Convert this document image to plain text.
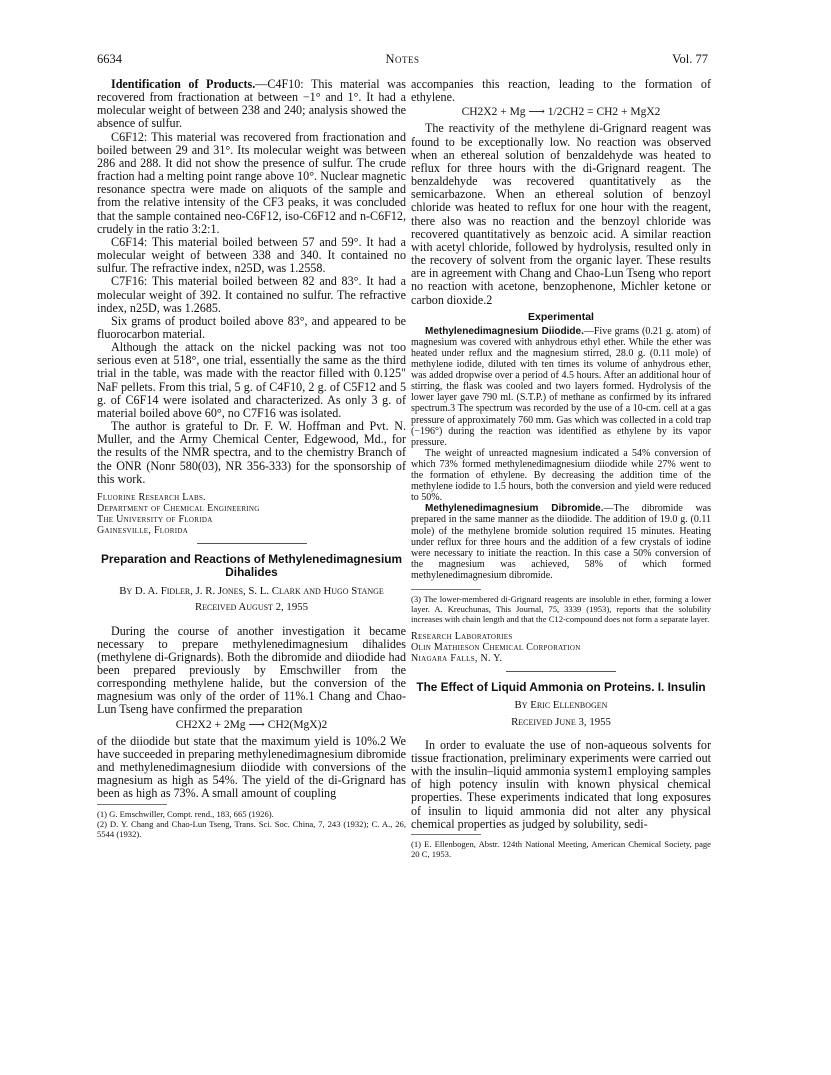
6634	Notes	Vol. 77

Identification of Products.—C4F10: This material was recovered from fractionation at between −1° and 1°. It had a molecular weight of between 238 and 240; analysis showed the absence of sulfur.

C6F12: This material was recovered from fractionation and boiled between 29 and 31°. Its molecular weight was between 286 and 288. It did not show the presence of sulfur. The crude fraction had a melting point range above 10°. Nuclear magnetic resonance spectra were made on aliquots of the sample and from the relative intensity of the CF3 peaks, it was concluded that the sample contained neo-C6F12, iso-C6F12 and n-C6F12, crudely in the ratio 3:2:1.

C6F14: This material boiled between 57 and 59°. It had a molecular weight of between 338 and 340. It contained no sulfur. The refractive index, n25D, was 1.2558.

C7F16: This material boiled between 82 and 83°. It had a molecular weight of 392. It contained no sulfur. The refractive index, n25D, was 1.2685.

Six grams of product boiled above 83°, and appeared to be fluorocarbon material.

Although the attack on the nickel packing was not too serious even at 518°, one trial, essentially the same as the third trial in the table, was made with the reactor filled with 0.125" NaF pellets. From this trial, 5 g. of C4F10, 2 g. of C5F12 and 5 g. of C6F14 were isolated and characterized. As only 3 g. of material boiled above 60°, no C7F16 was isolated.

The author is grateful to Dr. F. W. Hoffman and Pvt. N. Muller, and the Army Chemical Center, Edgewood, Md., for the results of the NMR spectra, and to the chemistry Branch of the ONR (Nonr 580(03), NR 356-333) for the sponsorship of this work.

Fluorine Research Labs.
Department of Chemical Engineering
The University of Florida
Gainesville, Florida
Preparation and Reactions of Methylenedimagnesium Dihalides
By D. A. Fidler, J. R. Jones, S. L. Clark and Hugo Stange
Received August 2, 1955

During the course of another investigation it became necessary to prepare methylenedimagnesium dihalides (methylene di-Grignards). Both the dibromide and diiodide had been prepared previously by Emschwiller from the corresponding methylene halide, but the conversion of the magnesium was only of the order of 11%.1 Chang and Chao-Lun Tseng have confirmed the preparation

CH2X2 + 2Mg ⟶ CH2(MgX)2

of the diiodide but state that the maximum yield is 10%.2 We have succeeded in preparing methylenedimagnesium dibromide and methylenedimagnesium diiodide with conversions of the magnesium as high as 54%. The yield of the di-Grignard has been as high as 73%. A small amount of coupling

(1) G. Emschwiller, Compt. rend., 183, 665 (1926).
(2) D. Y. Chang and Chao-Lun Tseng, Trans. Sci. Soc. China, 7, 243 (1932); C. A., 26, 5544 (1932).

accompanies this reaction, leading to the formation of ethylene.

CH2X2 + Mg ⟶ 1/2CH2 = CH2 + MgX2

The reactivity of the methylene di-Grignard reagent was found to be exceptionally low. No reaction was observed when an ethereal solution of benzaldehyde was heated to reflux for three hours with the di-Grignard reagent. The benzaldehyde was recovered quantitatively as the semicarbazone. When an ethereal solution of benzoyl chloride was heated to reflux for one hour with the reagent, there also was no reaction and the benzoyl chloride was recovered quantitatively as benzoic acid. A similar reaction with acetyl chloride, followed by hydrolysis, resulted only in the recovery of solvent from the organic layer. These results are in agreement with Chang and Chao-Lun Tseng who report no reaction with acetone, benzophenone, Michler ketone or carbon dioxide.2

Experimental

Methylenedimagnesium Diiodide.—Five grams (0.21 g. atom) of magnesium was covered with anhydrous ethyl ether. While the ether was heated under reflux and the magnesium stirred, 28.0 g. (0.11 mole) of methylene iodide, diluted with ten times its volume of anhydrous ether, was added dropwise over a period of 4.5 hours. After an additional hour of stirring, the flask was cooled and two layers formed. Hydrolysis of the lower layer gave 790 ml. (S.T.P.) of methane as confirmed by its infrared spectrum.3 The spectrum was recorded by the use of a 10-cm. cell at a gas pressure of approximately 760 mm. Gas which was collected in a cold trap (−196°) during the reaction was identified as ethylene by its vapor pressure.

The weight of unreacted magnesium indicated a 54% conversion of which 73% formed methylenedimagnesium diiodide while 27% went to the formation of ethylene. By decreasing the addition time of the methylene iodide to 1.5 hours, both the conversion and yield were reduced to 50%.

Methylenedimagnesium Dibromide.—The dibromide was prepared in the same manner as the diiodide. The addition of 19.0 g. (0.11 mole) of the methylene bromide solution required 15 minutes. Heating under reflux for three hours and the addition of a few crystals of iodine were necessary to initiate the reaction. In this case a 50% conversion of the magnesium was achieved, 58% of which formed methylenedimagnesium dibromide.

(3) The lower-membered di-Grignard reagents are insoluble in ether, forming a lower layer. A. Kreuchunas, This Journal, 75, 3339 (1953), reports that the solubility increases with chain length and that the C12-compound does not form a separate layer.
Research Laboratories
Olin Mathieson Chemical Corporation
Niagara Falls, N. Y.
The Effect of Liquid Ammonia on Proteins. I. Insulin
By Eric Ellenbogen
Received June 3, 1955

In order to evaluate the use of non-aqueous solvents for tissue fractionation, preliminary experiments were carried out with the insulin–liquid ammonia system1 employing samples of high potency insulin with known physical chemical properties. These experiments indicated that long exposures of insulin to liquid ammonia did not alter any physical chemical properties as judged by solubility, sedi-

(1) E. Ellenbogen, Abstr. 124th National Meeting, American Chemical Society, page 20 C, 1953.
